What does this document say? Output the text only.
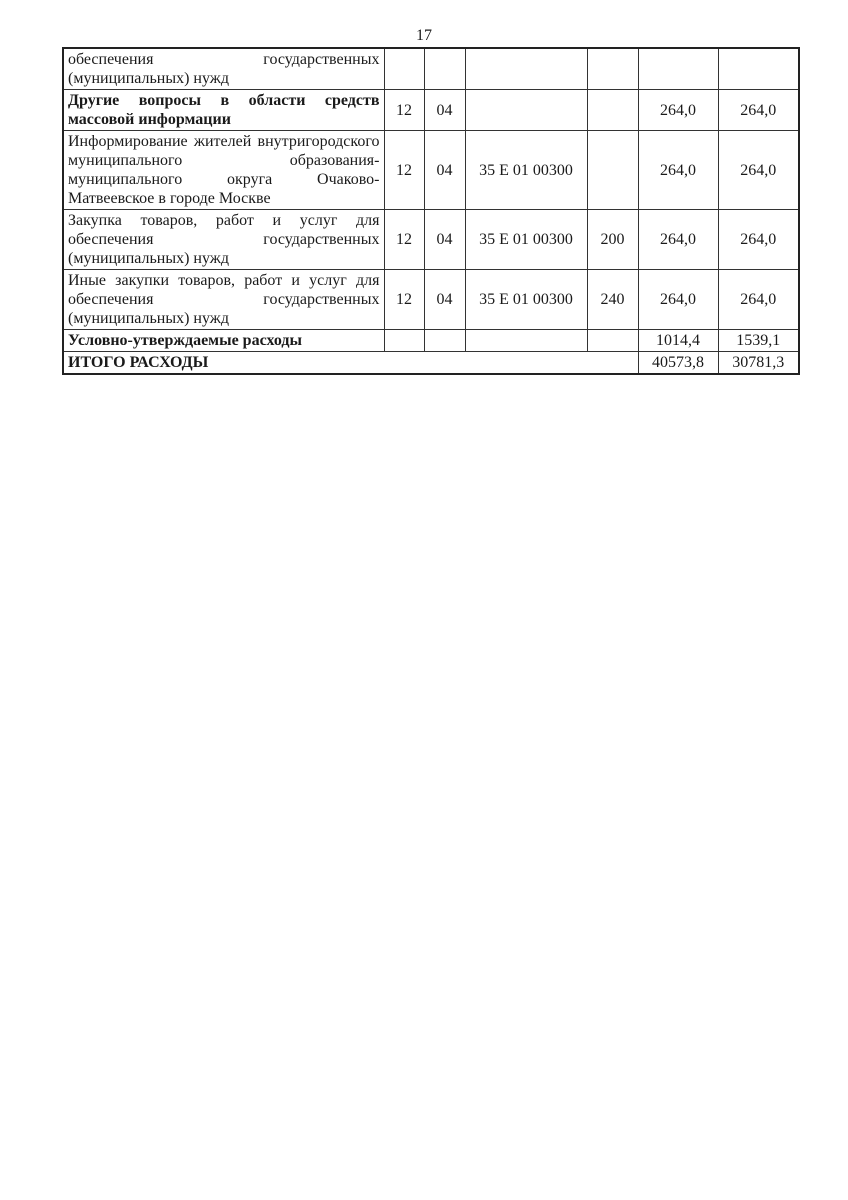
17
обеспечения государственных (муниципальных) нужд						
Другие вопросы в области средств массовой информации	12	04			264,0	264,0
Информирование жителей внутригородского муниципального образования- муниципального округа Очаково-Матвеевское в городе Москве	12	04	35 Е 01 00300		264,0	264,0
Закупка товаров, работ и услуг для обеспечения государственных (муниципальных) нужд	12	04	35 Е 01 00300	200	264,0	264,0
Иные закупки товаров, работ и услуг для обеспечения государственных (муниципальных) нужд	12	04	35 Е 01 00300	240	264,0	264,0
Условно-утверждаемые расходы					1014,4	1539,1
ИТОГО РАСХОДЫ					40573,8	30781,3
